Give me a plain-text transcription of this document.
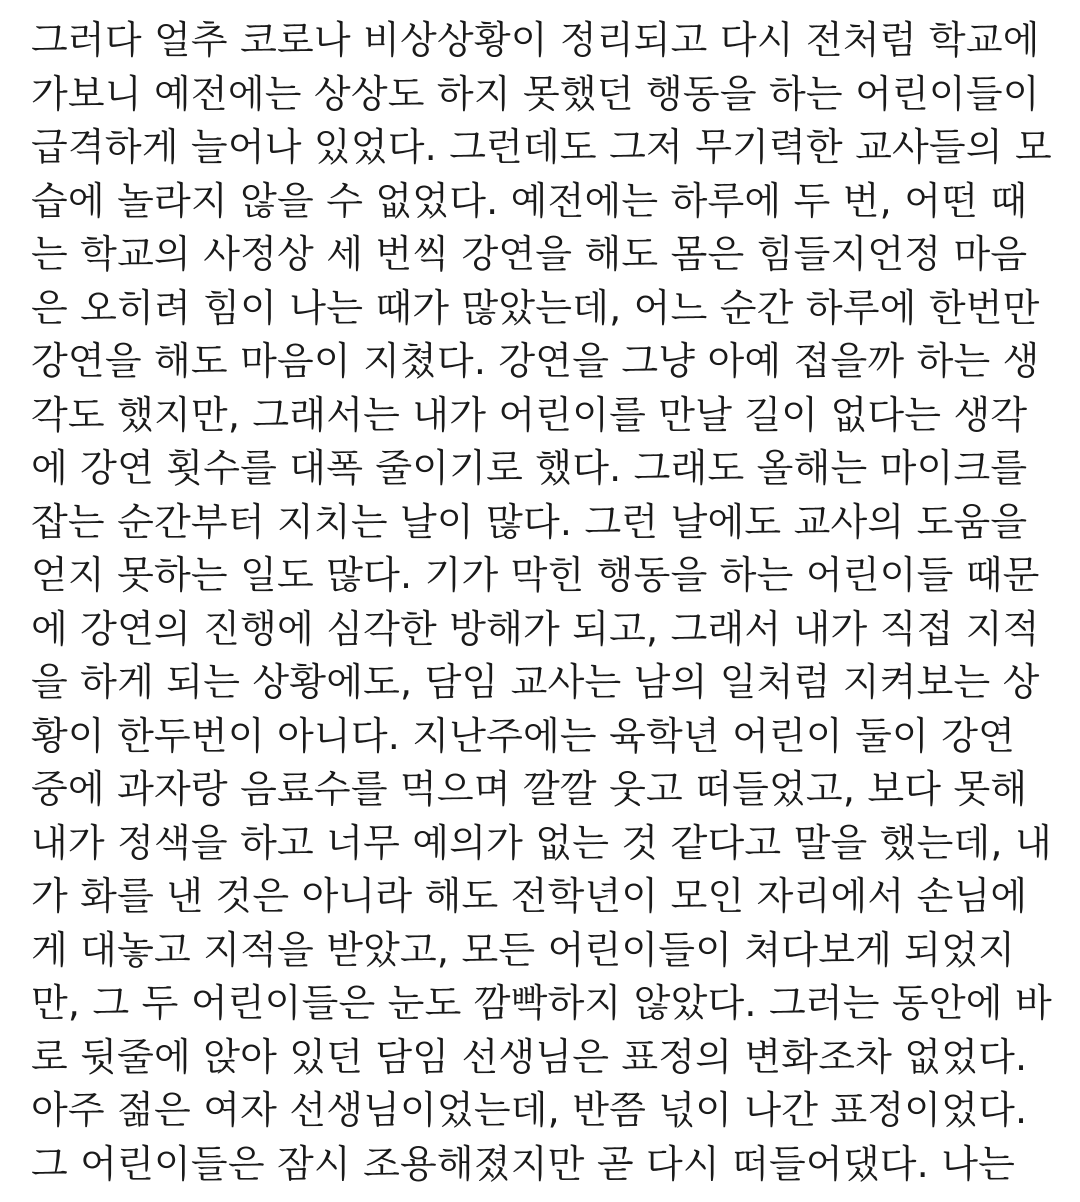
그러다 얼추 코로나 비상상황이 정리되고 다시 전처럼 학교에
가보니 예전에는 상상도 하지 못했던 행동을 하는 어린이들이
급격하게 늘어나 있었다. 그런데도 그저 무기력한 교사들의 모
습에 놀라지 않을 수 없었다. 예전에는 하루에 두 번, 어떤 때
는 학교의 사정상 세 번씩 강연을 해도 몸은 힘들지언정 마음
은 오히려 힘이 나는 때가 많았는데, 어느 순간 하루에 한번만
강연을 해도 마음이 지쳤다. 강연을 그냥 아예 접을까 하는 생
각도 했지만, 그래서는 내가 어린이를 만날 길이 없다는 생각
에 강연 횟수를 대폭 줄이기로 했다. 그래도 올해는 마이크를
잡는 순간부터 지치는 날이 많다. 그런 날에도 교사의 도움을
얻지 못하는 일도 많다. 기가 막힌 행동을 하는 어린이들 때문
에 강연의 진행에 심각한 방해가 되고, 그래서 내가 직접 지적
을 하게 되는 상황에도, 담임 교사는 남의 일처럼 지켜보는 상
황이 한두번이 아니다. 지난주에는 육학년 어린이 둘이 강연
중에 과자랑 음료수를 먹으며 깔깔 웃고 떠들었고, 보다 못해
내가 정색을 하고 너무 예의가 없는 것 같다고 말을 했는데, 내
가 화를 낸 것은 아니라 해도 전학년이 모인 자리에서 손님에
게 대놓고 지적을 받았고, 모든 어린이들이 쳐다보게 되었지
만, 그 두 어린이들은 눈도 깜빡하지 않았다. 그러는 동안에 바
로 뒷줄에 앉아 있던 담임 선생님은 표정의 변화조차 없었다.
아주 젊은 여자 선생님이었는데, 반쯤 넋이 나간 표정이었다.
그 어린이들은 잠시 조용해졌지만 곧 다시 떠들어댔다. 나는
